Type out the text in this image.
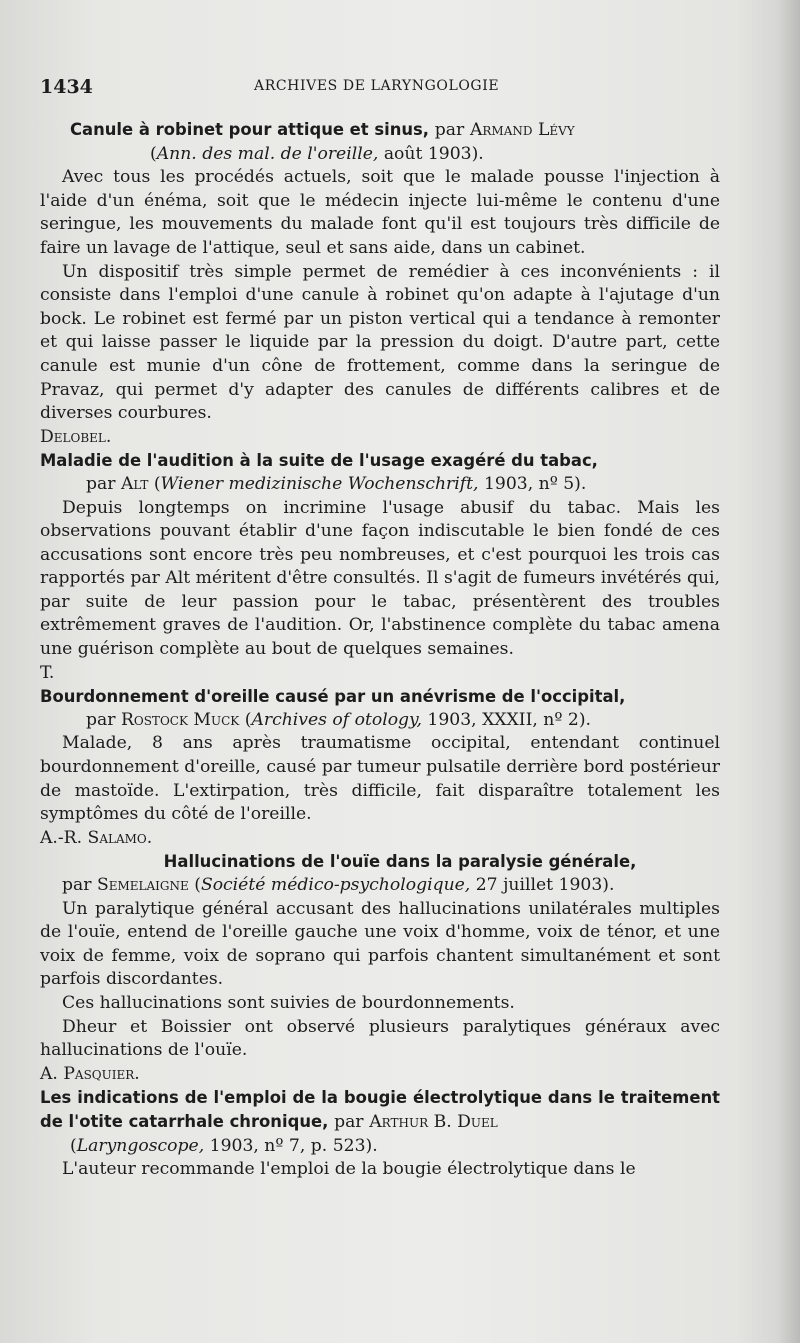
1434	ARCHIVES DE LARYNGOLOGIE

Canule à robinet pour attique et sinus, par Armand Lévy

(Ann. des mal. de l'oreille, août 1903).

Avec tous les procédés actuels, soit que le malade pousse l'injection à l'aide d'un énéma, soit que le médecin injecte lui-même le contenu d'une seringue, les mouvements du malade font qu'il est toujours très difficile de faire un lavage de l'attique, seul et sans aide, dans un cabinet.

Un dispositif très simple permet de remédier à ces inconvénients : il consiste dans l'emploi d'une canule à robinet qu'on adapte à l'ajutage d'un bock. Le robinet est fermé par un piston vertical qui a tendance à remonter et qui laisse passer le liquide par la pression du doigt. D'autre part, cette canule est munie d'un cône de frottement, comme dans la seringue de Pravaz, qui permet d'y adapter des canules de différents calibres et de diverses courbures.

Delobel.

Maladie de l'audition à la suite de l'usage exagéré du tabac,

par Alt (Wiener medizinische Wochenschrift, 1903, nº 5).

Depuis longtemps on incrimine l'usage abusif du tabac. Mais les observations pouvant établir d'une façon indiscutable le bien fondé de ces accusations sont encore très peu nombreuses, et c'est pourquoi les trois cas rapportés par Alt méritent d'être consultés. Il s'agit de fumeurs invétérés qui, par suite de leur passion pour le tabac, présentèrent des troubles extrêmement graves de l'audition. Or, l'abstinence complète du tabac amena une guérison complète au bout de quelques semaines.

T.

Bourdonnement d'oreille causé par un anévrisme de l'occipital,

par Rostock Muck (Archives of otology, 1903, XXXII, nº 2).

Malade, 8 ans après traumatisme occipital, entendant continuel bourdonnement d'oreille, causé par tumeur pulsatile derrière bord postérieur de mastoïde. L'extirpation, très difficile, fait disparaître totalement les symptômes du côté de l'oreille.

A.-R. Salamo.

Hallucinations de l'ouïe dans la paralysie générale,

par Semelaigne (Société médico-psychologique, 27 juillet 1903).

Un paralytique général accusant des hallucinations unilatérales multiples de l'ouïe, entend de l'oreille gauche une voix d'homme, voix de ténor, et une voix de femme, voix de soprano qui parfois chantent simultanément et sont parfois discordantes.

Ces hallucinations sont suivies de bourdonnements.

Dheur et Boissier ont observé plusieurs paralytiques généraux avec hallucinations de l'ouïe.

A. Pasquier.

Les indications de l'emploi de la bougie électrolytique dans le traitement de l'otite catarrhale chronique, par Arthur B. Duel

(Laryngoscope, 1903, nº 7, p. 523).

L'auteur recommande l'emploi de la bougie électrolytique dans le
